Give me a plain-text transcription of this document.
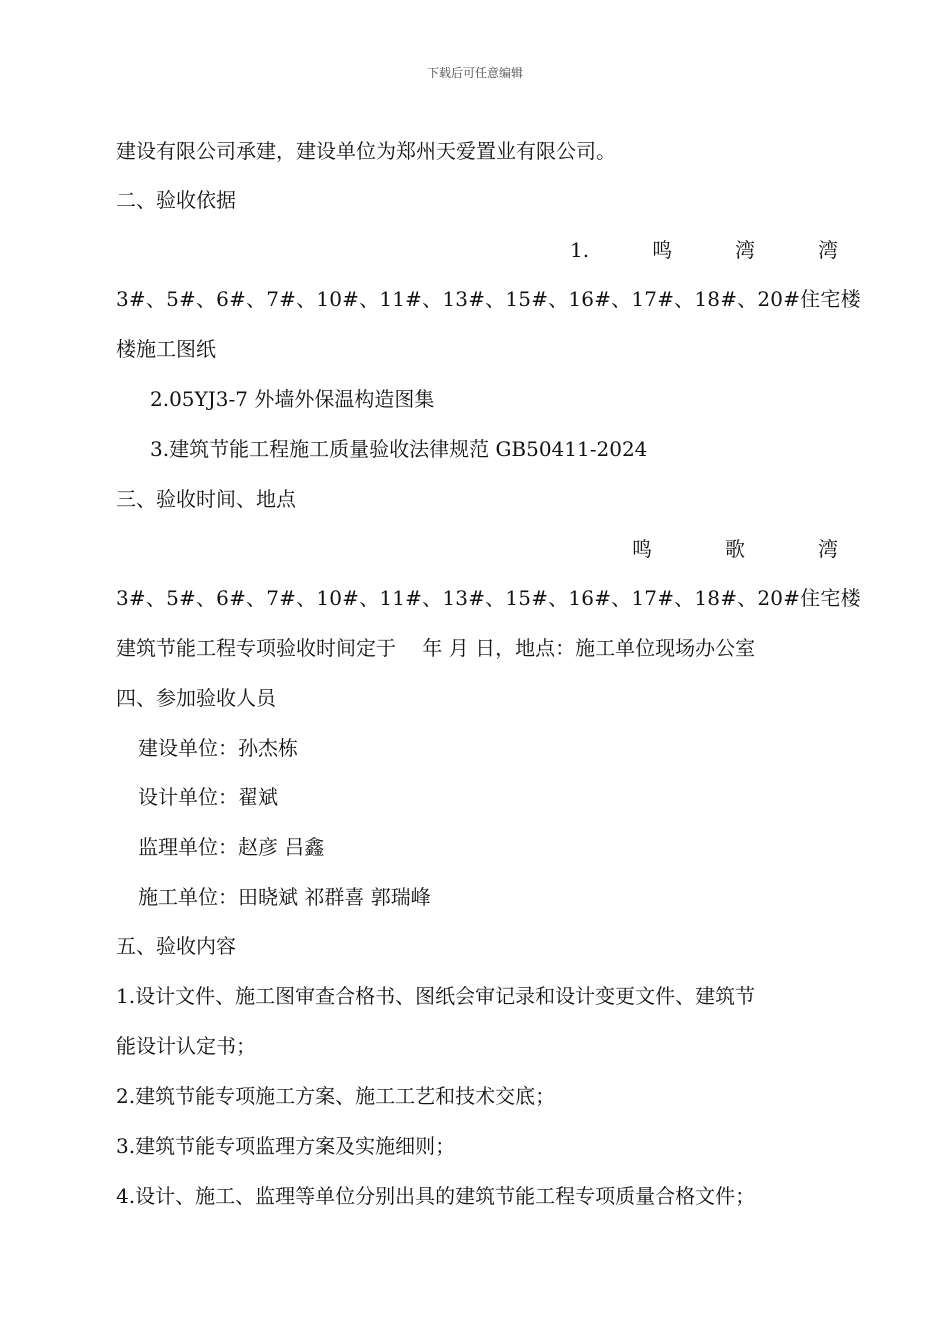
下载后可任意编辑
建设有限公司承建，建设单位为郑州天爱置业有限公司。
二、验收依据
1.	鸣	湾	湾
3#、5#、6#、7#、10#、11#、13#、15#、16#、17#、18#、20#住宅楼
楼施工图纸
2.05YJ3-7 外墙外保温构造图集
3.建筑节能工程施工质量验收法律规范 GB50411-2024
三、验收时间、地点
鸣	歌	湾
3#、5#、6#、7#、10#、11#、13#、15#、16#、17#、18#、20#住宅楼
建筑节能工程专项验收时间定于　 年 月 日，地点：施工单位现场办公室
四、参加验收人员
建设单位：孙杰栋
设计单位：翟斌
监理单位：赵彦 吕鑫
施工单位：田晓斌 祁群喜 郭瑞峰
五、验收内容
1.设计文件、施工图审查合格书、图纸会审记录和设计变更文件、建筑节
能设计认定书；
2.建筑节能专项施工方案、施工工艺和技术交底；
3.建筑节能专项监理方案及实施细则；
4.设计、施工、监理等单位分别出具的建筑节能工程专项质量合格文件；
